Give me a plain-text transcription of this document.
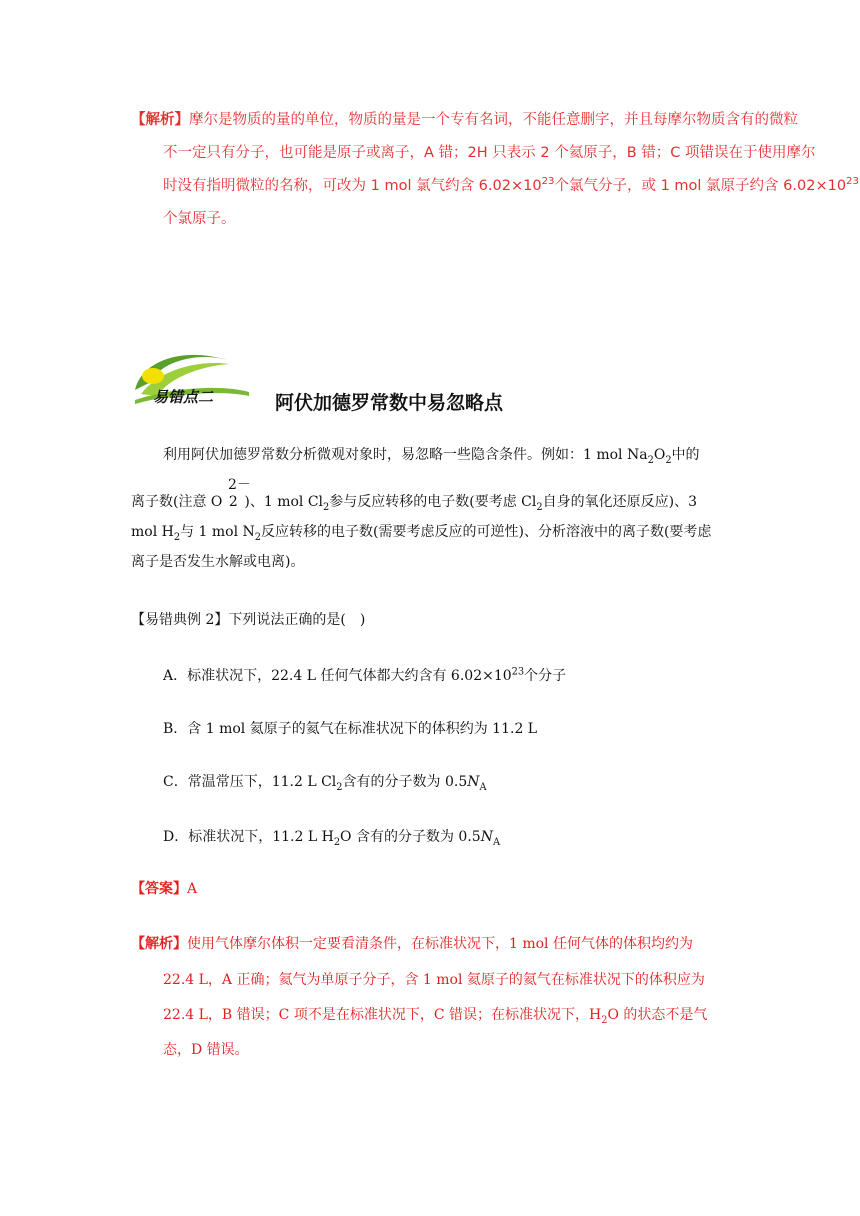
【解析】摩尔是物质的量的单位，物质的量是一个专有名词，不能任意删字，并且每摩尔物质含有的微粒
不一定只有分子，也可能是原子或离子，A 错；2H 只表示 2 个氦原子，B 错；C 项错误在于使用摩尔
时没有指明微粒的名称，可改为 1 mol 氯气约含 $6.02\times 10^{23}$个氯气分子，或 1 mol 氯原子约含 $6.02\times 10^{23}$
个氯原子。
易错点二	阿伏加德罗常数中易忽略点
利用阿伏加德罗常数分析微观对象时，易忽略一些隐含条件。例如：1 mol $Na_2O_2$中的
2－
离子数(注意 O 2 )、1 mol $Cl_2$参与反应转移的电子数(要考虑 $Cl_2$自身的氧化还原反应)、3
mol $H_2$与 1 mol $N_2$反应转移的电子数(需要考虑反应的可逆性)、分析溶液中的离子数(要考虑
离子是否发生水解或电离)。
【易错典例 2】下列说法正确的是(　)
A．标准状况下，22.4 L 任何气体都大约含有 $6.02\times 10^{23}$个分子
B．含 1 mol 氦原子的氦气在标准状况下的体积约为 11.2 L
C．常温常压下，11.2 L $Cl_2$含有的分子数为 $0.5N_A$
D．标准状况下，11.2 L $H_2O$ 含有的分子数为 $0.5N_A$
【答案】A
【解析】使用气体摩尔体积一定要看清条件，在标准状况下，1 mol 任何气体的体积均约为
22.4 L，A 正确；氦气为单原子分子，含 1 mol 氦原子的氦气在标准状况下的体积应为
22.4 L，B 错误；C 项不是在标准状况下，C 错误；在标准状况下，$H_2O$ 的状态不是气
态，D 错误。
